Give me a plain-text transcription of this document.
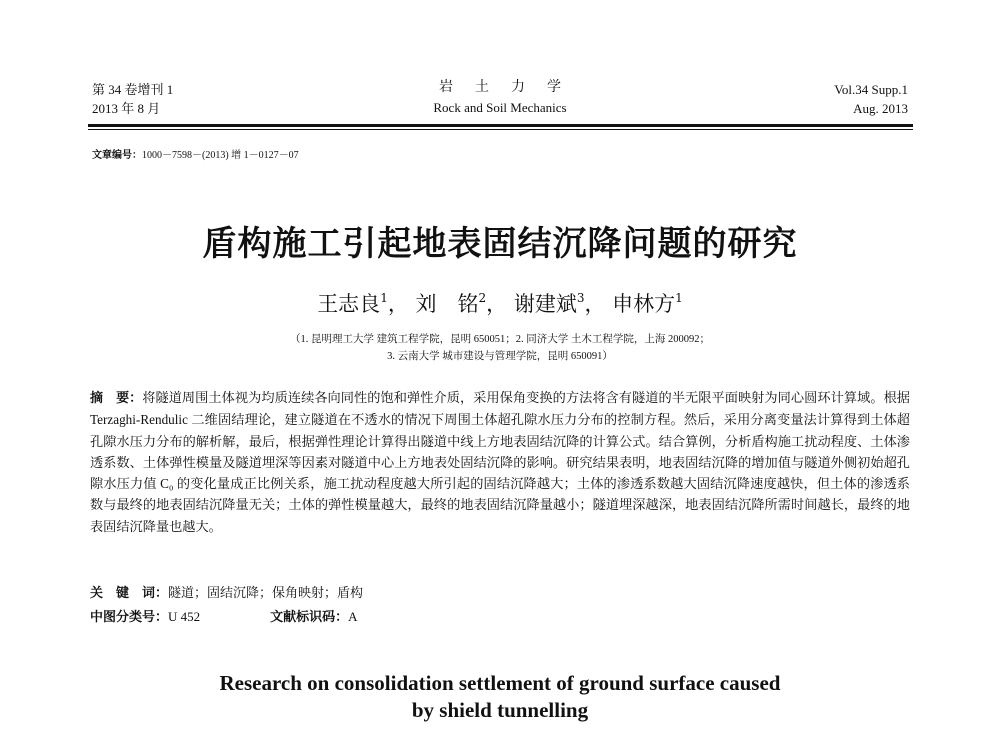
第 34 卷增刊 1
2013 年 8 月
岩土力学
Rock and Soil Mechanics
Vol.34 Supp.1
Aug. 2013
文章编号：1000－7598－(2013) 增 1－0127－07
盾构施工引起地表固结沉降问题的研究
王志良$^1$， 刘　铭$^2$， 谢建斌$^3$， 申林方$^1$
（1. 昆明理工大学 建筑工程学院，昆明 650051；2. 同济大学 土木工程学院，上海 200092；
3. 云南大学 城市建设与管理学院，昆明 650091）
摘　要：将隧道周围土体视为均质连续各向同性的饱和弹性介质，采用保角变换的方法将含有隧道的半无限平面映射为同心圆环计算域。根据 Terzaghi-Rendulic 二维固结理论，建立隧道在不透水的情况下周围土体超孔隙水压力分布的控制方程。然后，采用分离变量法计算得到土体超孔隙水压力分布的解析解，最后，根据弹性理论计算得出隧道中线上方地表固结沉降的计算公式。结合算例，分析盾构施工扰动程度、土体渗透系数、土体弹性模量及隧道埋深等因素对隧道中心上方地表处固结沉降的影响。研究结果表明，地表固结沉降的增加值与隧道外侧初始超孔隙水压力值 C₀ 的变化量成正比例关系，施工扰动程度越大所引起的固结沉降越大；土体的渗透系数越大固结沉降速度越快，但土体的渗透系数与最终的地表固结沉降量无关；土体的弹性模量越大，最终的地表固结沉降量越小；隧道埋深越深，地表固结沉降所需时间越长，最终的地表固结沉降量也越大。
关　键　词：隧道；固结沉降；保角映射；盾构
中图分类号：U 452	文献标识码：A
Research on consolidation settlement of ground surface caused
by shield tunnelling
